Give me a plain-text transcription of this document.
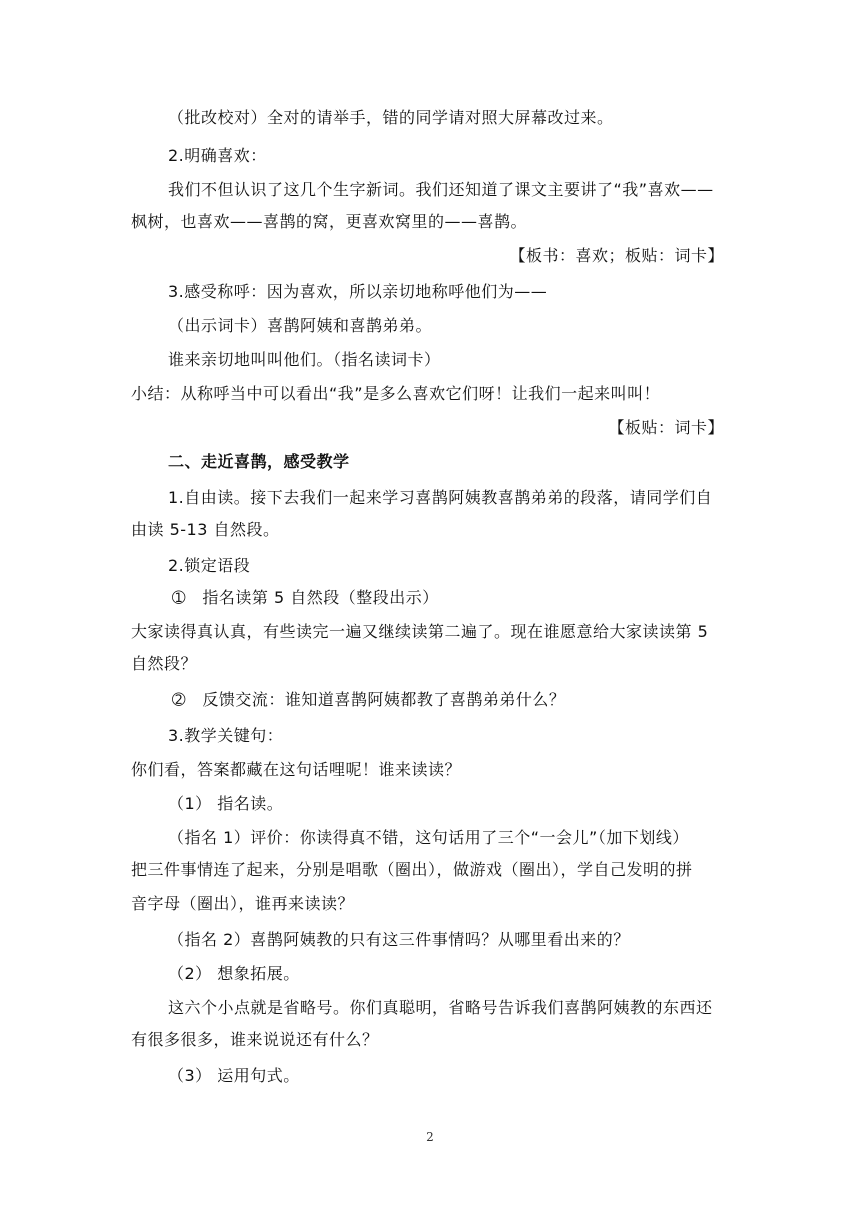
（批改校对）全对的请举手，错的同学请对照大屏幕改过来。
2.明确喜欢：
我们不但认识了这几个生字新词。我们还知道了课文主要讲了“我”喜欢——
枫树，也喜欢——喜鹊的窝，更喜欢窝里的——喜鹊。
【板书：喜欢；板贴：词卡】
3.感受称呼：因为喜欢，所以亲切地称呼他们为——
（出示词卡）喜鹊阿姨和喜鹊弟弟。
谁来亲切地叫叫他们。（指名读词卡）
小结：从称呼当中可以看出“我”是多么喜欢它们呀！让我们一起来叫叫！
【板贴：词卡】
二、走近喜鹊，感受教学
1.自由读。接下去我们一起来学习喜鹊阿姨教喜鹊弟弟的段落，请同学们自
由读 5-13 自然段。
2.锁定语段
➀　指名读第 5 自然段（整段出示）
大家读得真认真，有些读完一遍又继续读第二遍了。现在谁愿意给大家读读第 5
自然段？
➁　反馈交流：谁知道喜鹊阿姨都教了喜鹊弟弟什么？
3.教学关键句：
你们看，答案都藏在这句话哩呢！谁来读读？
（1） 指名读。
（指名 1）评价：你读得真不错，这句话用了三个“一会儿”（加下划线）
把三件事情连了起来，分别是唱歌（圈出），做游戏（圈出），学自己发明的拼
音字母（圈出），谁再来读读？
（指名 2）喜鹊阿姨教的只有这三件事情吗？从哪里看出来的？
（2） 想象拓展。
这六个小点就是省略号。你们真聪明，省略号告诉我们喜鹊阿姨教的东西还
有很多很多，谁来说说还有什么？
（3） 运用句式。
2
